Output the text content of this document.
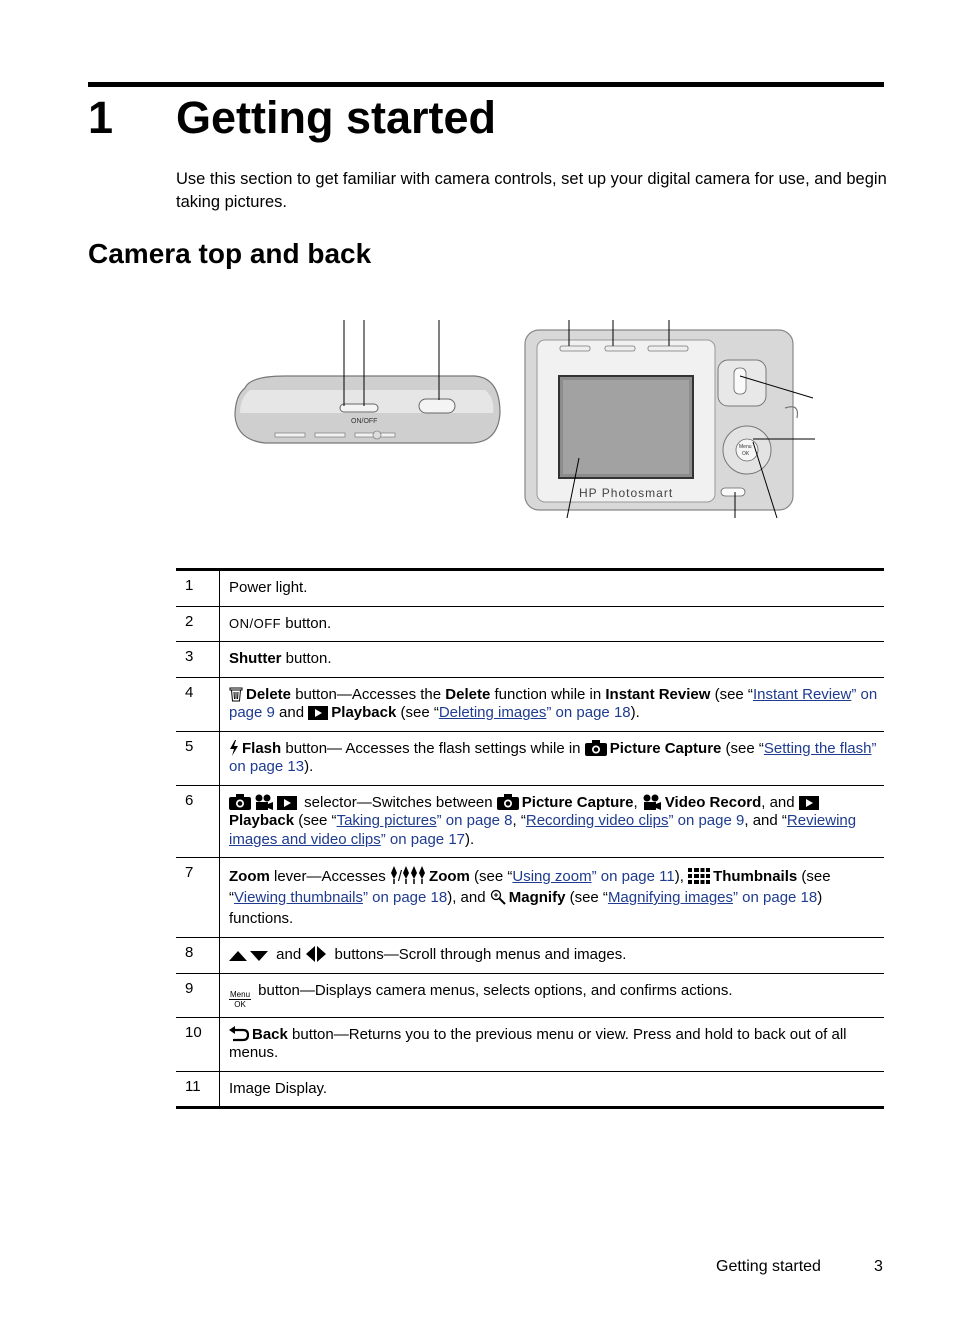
1 Getting started
Use this section to get familiar with camera controls, set up your digital camera for use, and begin taking pictures.
Camera top and back
ON/OFF
HP Photosmart
Menu
OK
1	Power light.
2	ON/OFF button.
3	Shutter button.
4	Delete button—Accesses the Delete function while in Instant Review (see “Instant Review” on page 9 and Playback (see “Deleting images” on page 18).
5	Flash button— Accesses the flash settings while in Picture Capture (see “Setting the flash” on page 13).
6	selector—Switches between Picture Capture, Video Record, and Playback (see “Taking pictures” on page 8, “Recording video clips” on page 9, and “Reviewing images and video clips” on page 17).
7	Zoom lever—Accesses / Zoom (see “Using zoom” on page 11), Thumbnails (see “Viewing thumbnails” on page 18), and Magnify (see “Magnifying images” on page 18) functions.
8	and  buttons—Scroll through menus and images.
9	Menu
OK
button—Displays camera menus, selects options, and confirms actions.
10	Back button—Returns you to the previous menu or view. Press and hold to back out of all menus.
11	Image Display.
Getting started	3
